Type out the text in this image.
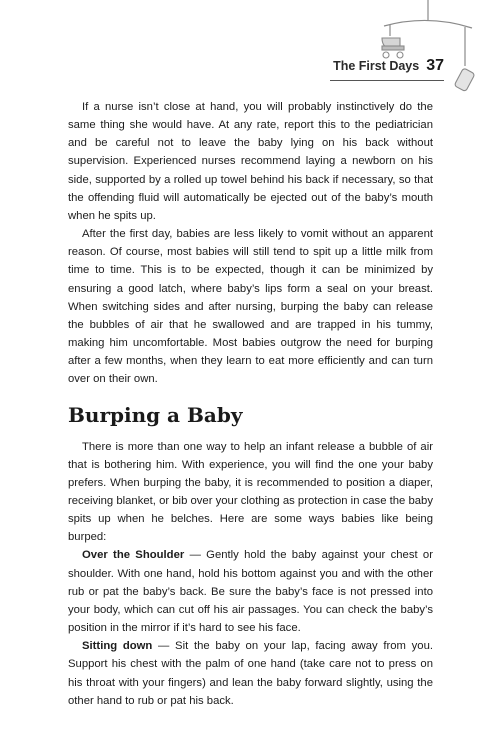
The First Days 37

If a nurse isn’t close at hand, you will probably instinctively do the same thing she would have. At any rate, report this to the pediatrician and be careful not to leave the baby lying on his back without supervision. Experienced nurses recommend laying a newborn on his side, supported by a rolled up towel behind his back if necessary, so that the offending fluid will automatically be ejected out of the baby’s mouth when he spits up.

After the first day, babies are less likely to vomit without an apparent reason. Of course, most babies will still tend to spit up a little milk from time to time. This is to be expected, though it can be minimized by ensuring a good latch, where baby’s lips form a seal on your breast. When switching sides and after nursing, burping the baby can release the bubbles of air that he swallowed and are trapped in his tummy, making him uncomfortable. Most babies outgrow the need for burping after a few months, when they learn to eat more efficiently and can turn over on their own.

Burping a Baby

There is more than one way to help an infant release a bubble of air that is bothering him. With experience, you will find the one your baby prefers. When burping the baby, it is recommended to position a diaper, receiving blanket, or bib over your clothing as protection in case the baby spits up when he belches. Here are some ways babies like being burped:

Over the Shoulder — Gently hold the baby against your chest or shoulder. With one hand, hold his bottom against you and with the other rub or pat the baby’s back. Be sure the baby’s face is not pressed into your body, which can cut off his air passages. You can check the baby’s position in the mirror if it’s hard to see his face.

Sitting down — Sit the baby on your lap, facing away from you. Support his chest with the palm of one hand (take care not to press on his throat with your fingers) and lean the baby forward slightly, using the other hand to rub or pat his back.
